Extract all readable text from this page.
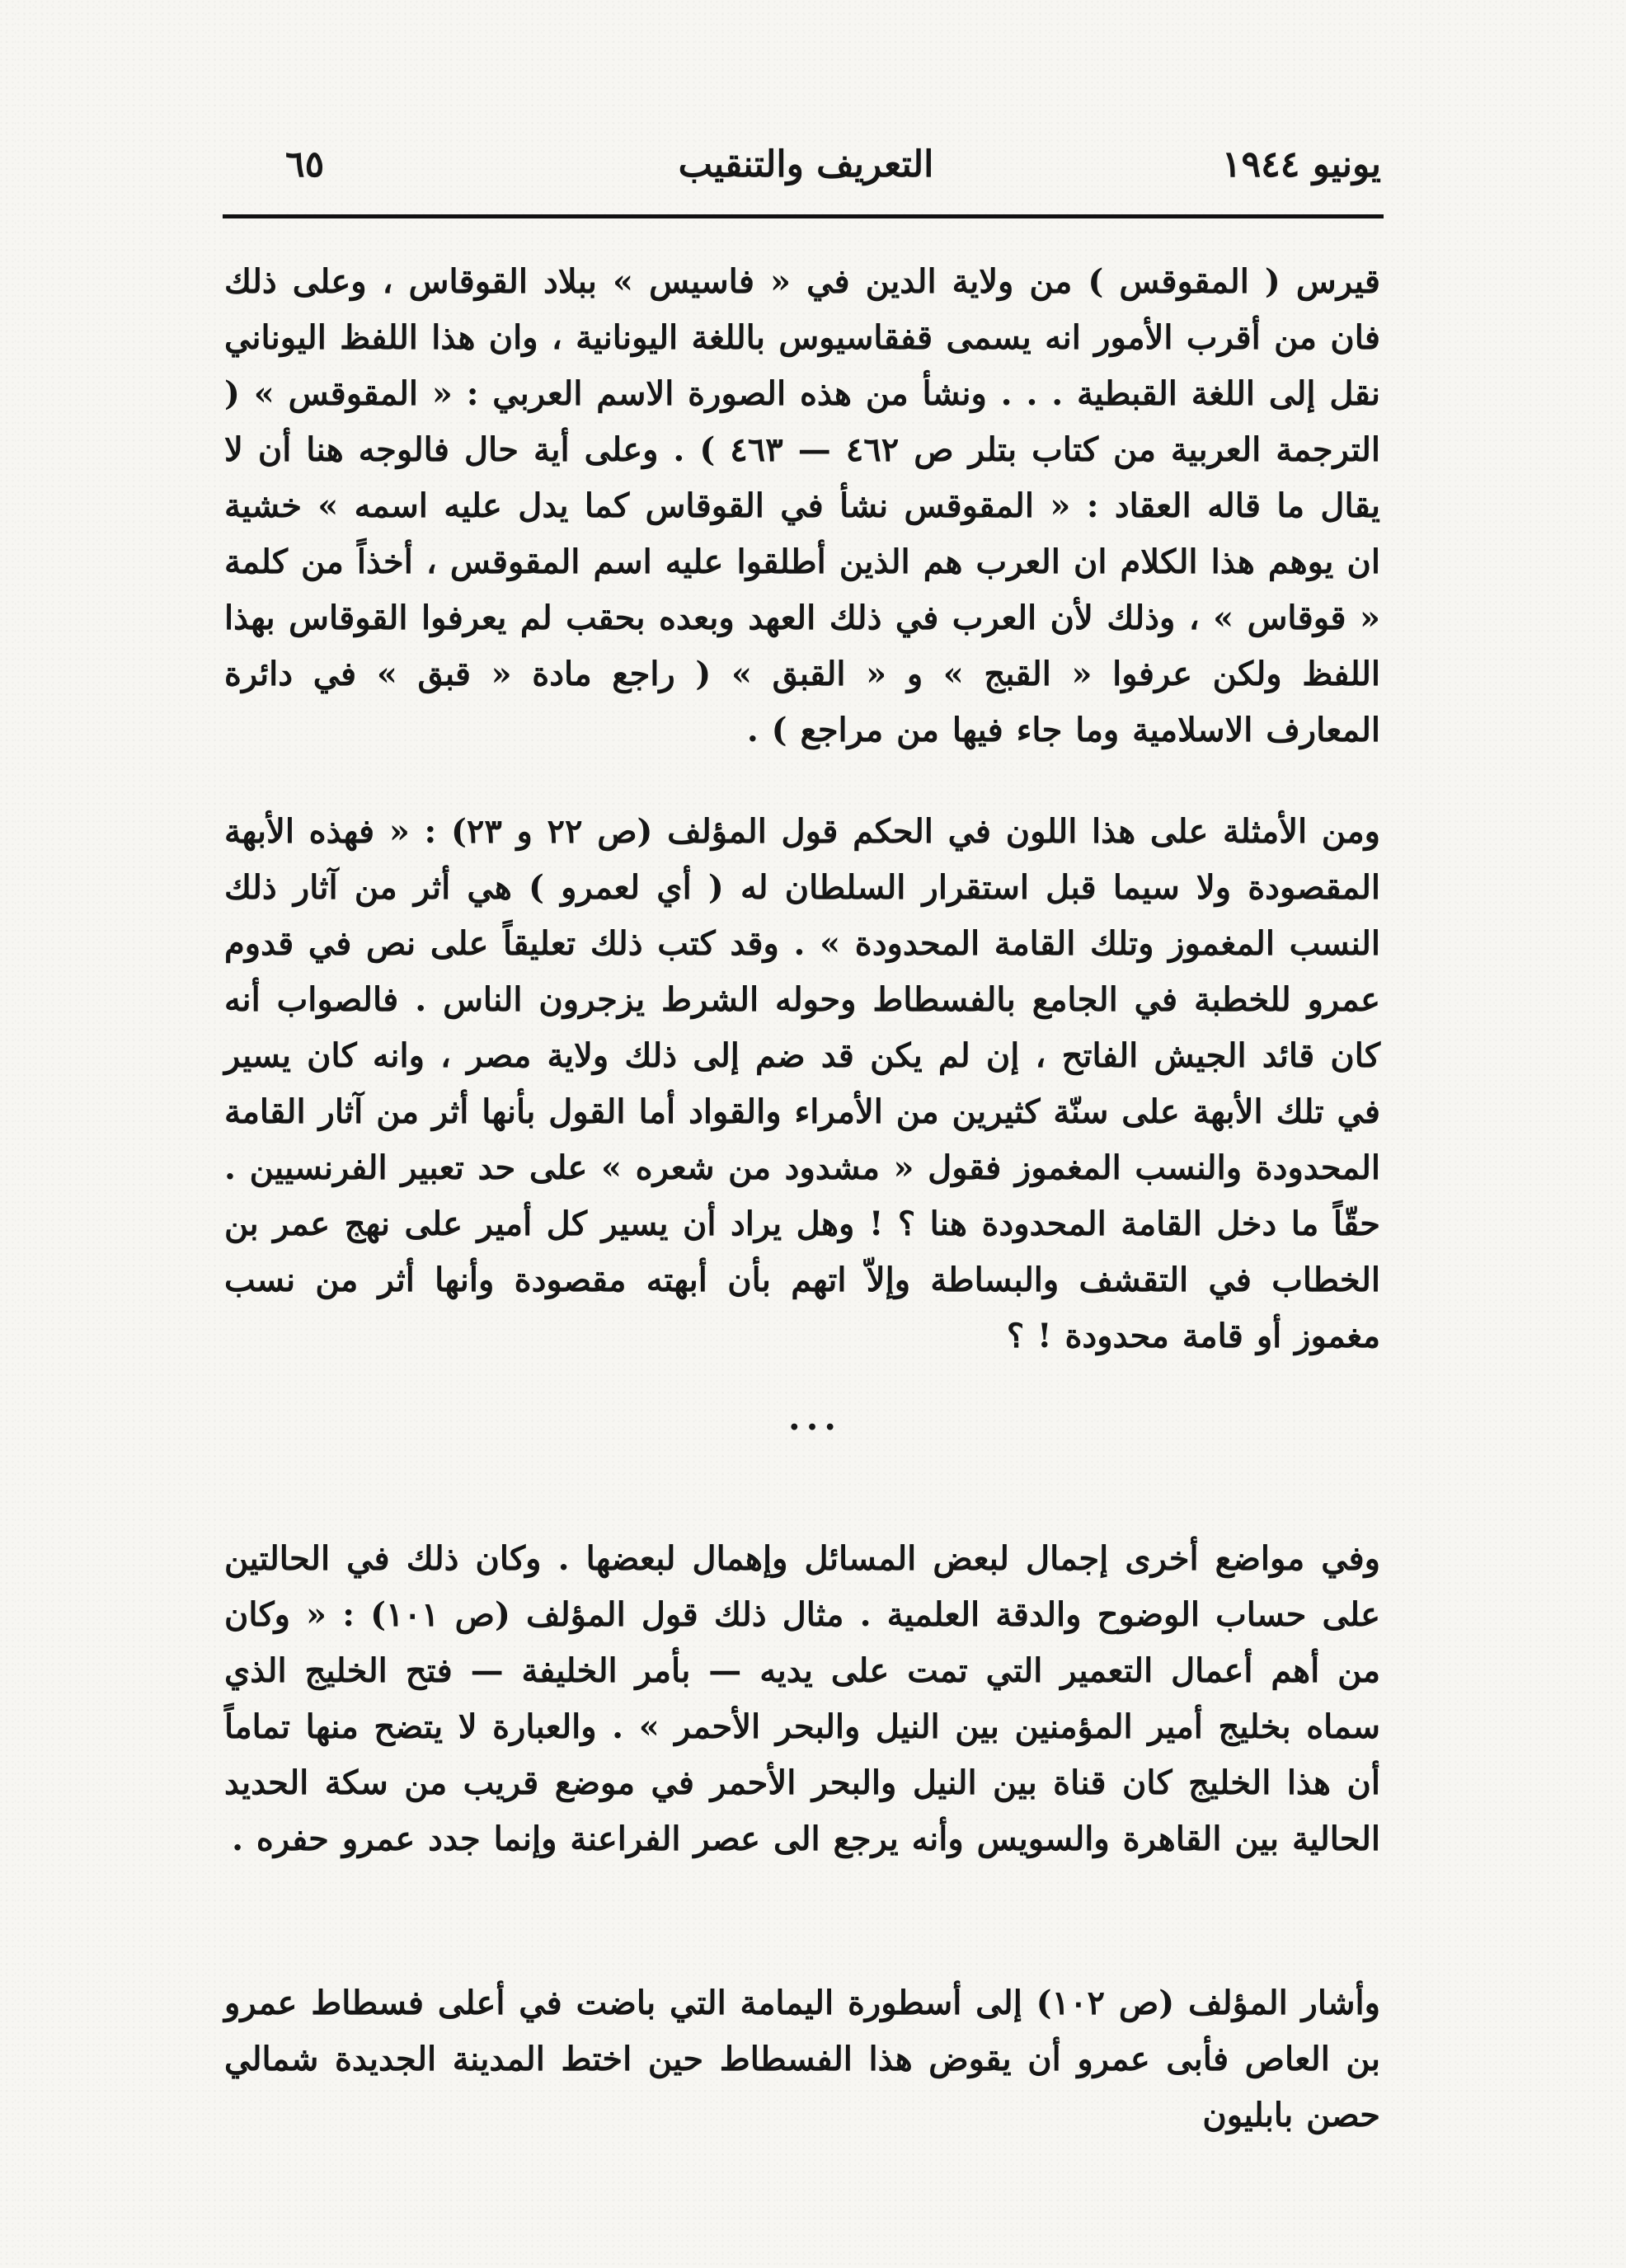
يونيو ١٩٤٤
التعريف والتنقيب
٦٥

قيرس ( المقوقس ) من ولاية الدين في « فاسيس » ببلاد القوقاس ، وعلى ذلك فان من أقرب الأمور انه يسمى قفقاسيوس باللغة اليونانية ، وان هذا اللفظ اليوناني نقل إلى اللغة القبطية . . . ونشأ من هذه الصورة الاسم العربي : « المقوقس » ( الترجمة العربية من كتاب بتلر ص ٤٦٢ — ٤٦٣ ) . وعلى أية حال فالوجه هنا أن لا يقال ما قاله العقاد : « المقوقس نشأ في القوقاس كما يدل عليه اسمه » خشية ان يوهم هذا الكلام ان العرب هم الذين أطلقوا عليه اسم المقوقس ، أخذاً من كلمة « قوقاس » ، وذلك لأن العرب في ذلك العهد وبعده بحقب لم يعرفوا القوقاس بهذا اللفظ ولكن عرفوا « القبج » و « القبق » ( راجع مادة « قبق » في دائرة المعارف الاسلامية وما جاء فيها من مراجع ) .

ومن الأمثلة على هذا اللون في الحكم قول المؤلف (ص ٢٢ و ٢٣) : « فهذه الأبهة المقصودة ولا سيما قبل استقرار السلطان له ( أي لعمرو ) هي أثر من آثار ذلك النسب المغموز وتلك القامة المحدودة » . وقد كتب ذلك تعليقاً على نص في قدوم عمرو للخطبة في الجامع بالفسطاط وحوله الشرط يزجرون الناس . فالصواب أنه كان قائد الجيش الفاتح ، إن لم يكن قد ضم إلى ذلك ولاية مصر ، وانه كان يسير في تلك الأبهة على سنّة كثيرين من الأمراء والقواد أما القول بأنها أثر من آثار القامة المحدودة والنسب المغموز فقول « مشدود من شعره » على حد تعبير الفرنسيين . حقّاً ما دخل القامة المحدودة هنا ؟ ! وهل يراد أن يسير كل أمير على نهج عمر بن الخطاب في التقشف والبساطة وإلاّ اتهم بأن أبهته مقصودة وأنها أثر من نسب مغموز أو قامة محدودة ! ؟

• • •

وفي مواضع أخرى إجمال لبعض المسائل وإهمال لبعضها . وكان ذلك في الحالتين على حساب الوضوح والدقة العلمية . مثال ذلك قول المؤلف (ص ١٠١) : « وكان من أهم أعمال التعمير التي تمت على يديه — بأمر الخليفة — فتح الخليج الذي سماه بخليج أمير المؤمنين بين النيل والبحر الأحمر » . والعبارة لا يتضح منها تماماً أن هذا الخليج كان قناة بين النيل والبحر الأحمر في موضع قريب من سكة الحديد الحالية بين القاهرة والسويس وأنه يرجع الى عصر الفراعنة وإنما جدد عمرو حفره .

وأشار المؤلف (ص ١٠٢) إلى أسطورة اليمامة التي باضت في أعلى فسطاط عمرو بن العاص فأبى عمرو أن يقوض هذا الفسطاط حين اختط المدينة الجديدة شمالي حصن بابليون
